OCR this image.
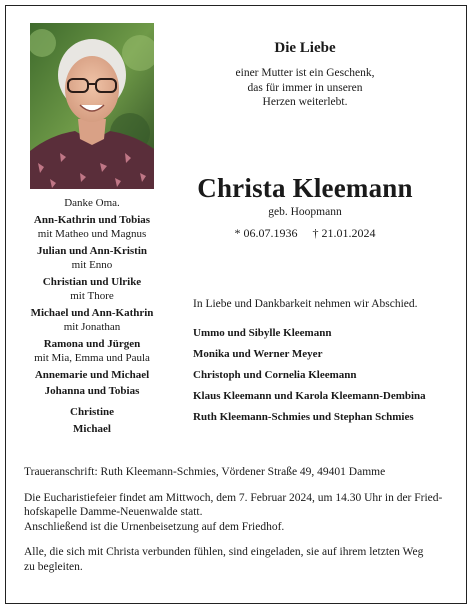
Die Liebe
einer Mutter ist ein Geschenk,
das für immer in unseren
Herzen weiterlebt.
Christa Kleemann
geb. Hoopmann
* 06.07.1936 † 21.01.2024
Danke Oma.
Ann-Kathrin und Tobias
mit Matheo und Magnus
Julian und Ann-Kristin
mit Enno
Christian und Ulrike
mit Thore
Michael und Ann-Kathrin
mit Jonathan
Ramona und Jürgen
mit Mia, Emma und Paula
Annemarie und Michael
Johanna und Tobias
Christine
Michael
In Liebe und Dankbarkeit nehmen wir Abschied.
Ummo und Sibylle Kleemann
Monika und Werner Meyer
Christoph und Cornelia Kleemann
Klaus Kleemann und Karola Kleemann-Dembina
Ruth Kleemann-Schmies und Stephan Schmies

Traueranschrift: Ruth Kleemann-Schmies, Vördener Straße 49, 49401 Damme

Die Eucharistiefeier findet am Mittwoch, dem 7. Februar 2024, um 14.30 Uhr in der Fried-
hofskapelle Damme-Neuenwalde statt.
Anschließend ist die Urnenbeisetzung auf dem Friedhof.

Alle, die sich mit Christa verbunden fühlen, sind eingeladen, sie auf ihrem letzten Weg
zu begleiten.
